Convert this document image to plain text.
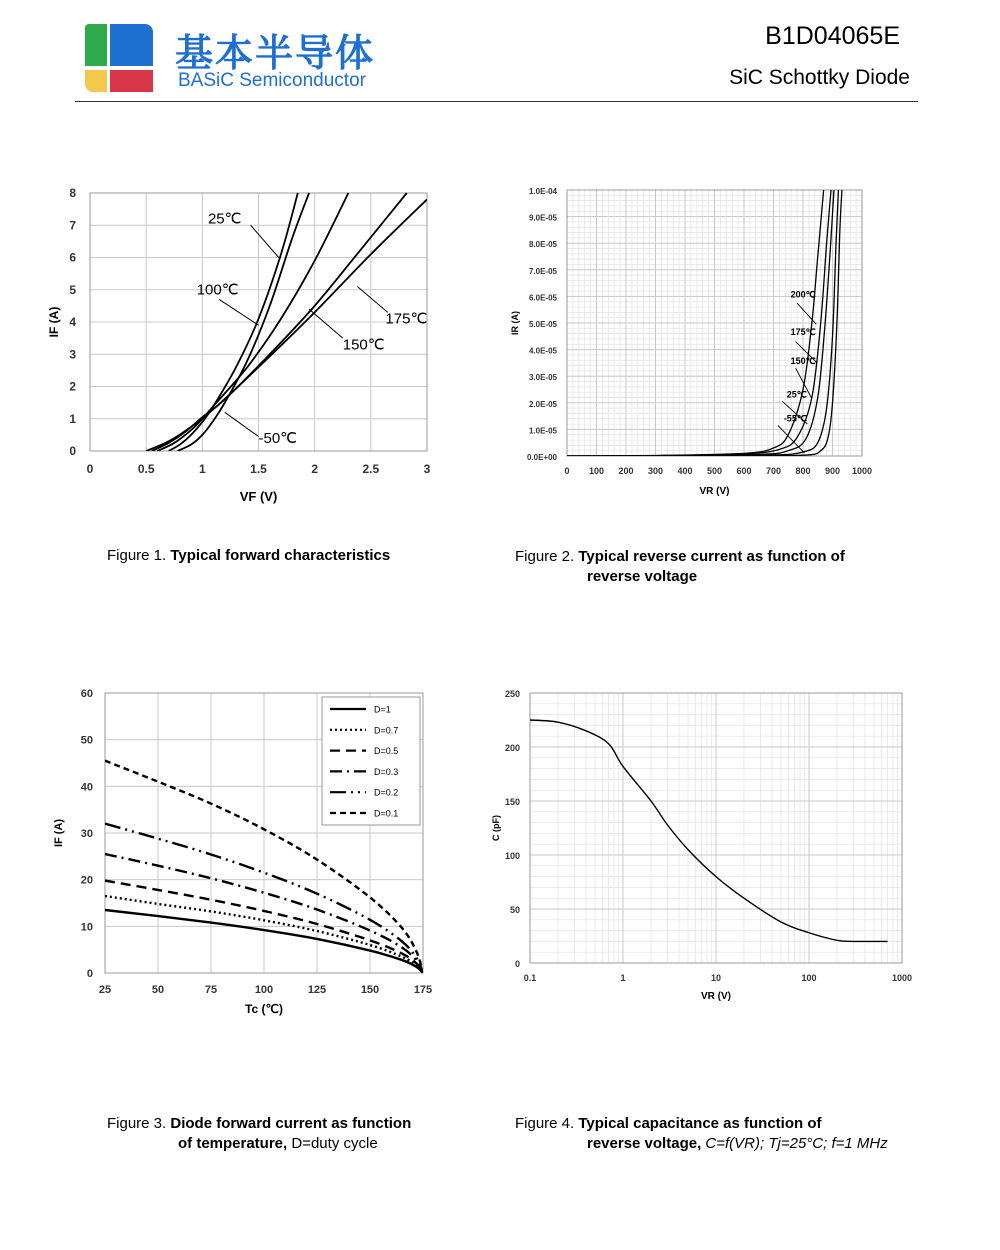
基本半导体
BASiC Semiconductor
B1D04065E
SiC Schottky Diode
0	0.5	1	1.5	2	2.5	3
0
1
2
3
4
5
6
7
8
VF (V)
IF (A)
25℃
100℃
175℃
150℃
-50℃
Figure 1. Typical forward characteristics
0 100 200 300 400 500 600 700 800 900 1000
0.0E+00
1.0E-05
2.0E-05
3.0E-05
4.0E-05
5.0E-05
6.0E-05
7.0E-05
8.0E-05
9.0E-05
1.0E-04
VR (V)
IR (A)
200℃
175℃
150℃
25℃
-55℃
Figure 2. Typical reverse current as function of
reverse voltage
25	50	75	100	125	150	175
0
10
20
30
40
50
60
Tc (℃)
IF (A)
D=1
D=0.7
D=0.5
D=0.3
D=0.2
D=0.1
Figure 3. Diode forward current as function
of temperature, D=duty cycle
0.1	1	10	100	1000
0
50
100
150
200
250
VR (V)
C (pF)
Figure 4. Typical capacitance as function of
reverse voltage, C=f(VR); Tj=25°C; f=1 MHz
